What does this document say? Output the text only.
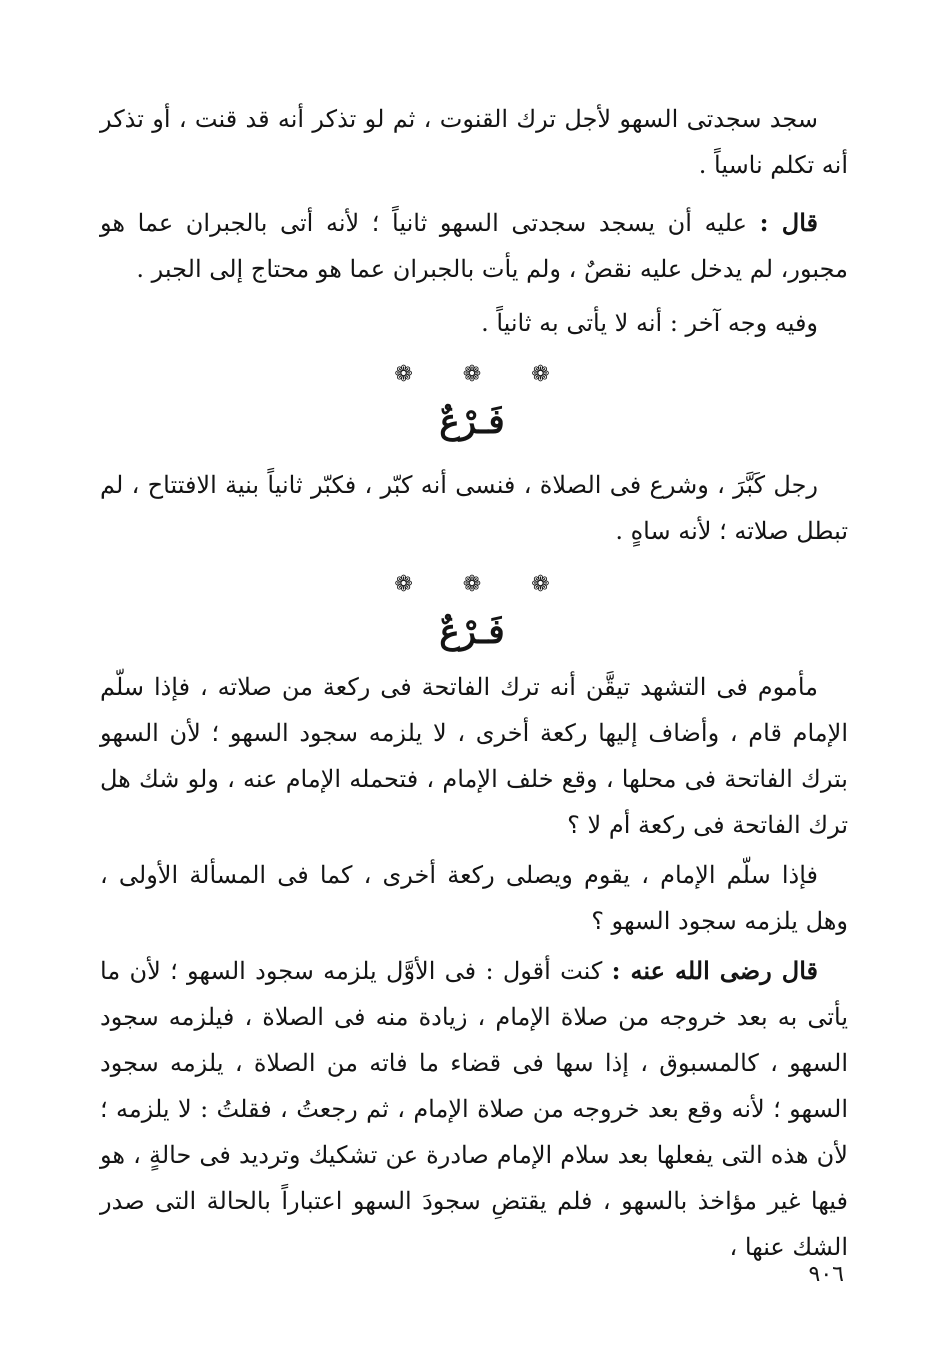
سجد سجدتى السهو لأجل ترك القنوت ، ثم لو تذكر أنه قد قنت ، أو تذكر أنه تكلم ناسياً .

قال : عليه أن يسجد سجدتى السهو ثانياً ؛ لأنه أتى بالجبران عما هو مجبور، لم يدخل عليه نقصٌ ، ولم يأت بالجبران عما هو محتاج إلى الجبر .

وفيه وجه آخر : أنه لا يأتى به ثانياً .

❁ ❁ ❁
فَـرْعٌ

رجل كَبَّرَ ، وشرع فى الصلاة ، فنسى أنه كبّر ، فكبّر ثانياً بنية الافتتاح ، لم تبطل صلاته ؛ لأنه ساهٍ .

❁ ❁ ❁
فَـرْعٌ

مأموم فى التشهد تيقَّن أنه ترك الفاتحة فى ركعة من صلاته ، فإذا سلّم الإمام قام ، وأضاف إليها ركعة أخرى ، لا يلزمه سجود السهو ؛ لأن السهو بترك الفاتحة فى محلها ، وقع خلف الإمام ، فتحمله الإمام عنه ، ولو شك هل ترك الفاتحة فى ركعة أم لا ؟

فإذا سلّم الإمام ، يقوم ويصلى ركعة أخرى ، كما فى المسألة الأولى ، وهل يلزمه سجود السهو ؟

قال رضى الله عنه : كنت أقول : فى الأوَّل يلزمه سجود السهو ؛ لأن ما يأتى به بعد خروجه من صلاة الإمام ، زيادة منه فى الصلاة ، فيلزمه سجود السهو ، كالمسبوق ، إذا سها فى قضاء ما فاته من الصلاة ، يلزمه سجود السهو ؛ لأنه وقع بعد خروجه من صلاة الإمام ، ثم رجعتُ ، فقلتُ : لا يلزمه ؛ لأن هذه التى يفعلها بعد سلام الإمام صادرة عن تشكيك وترديد فى حالةٍ ، هو فيها غير مؤاخذ بالسهو ، فلم يقتضِ سجودَ السهو اعتباراً بالحالة التى صدر الشك عنها ،

٩٠٦
